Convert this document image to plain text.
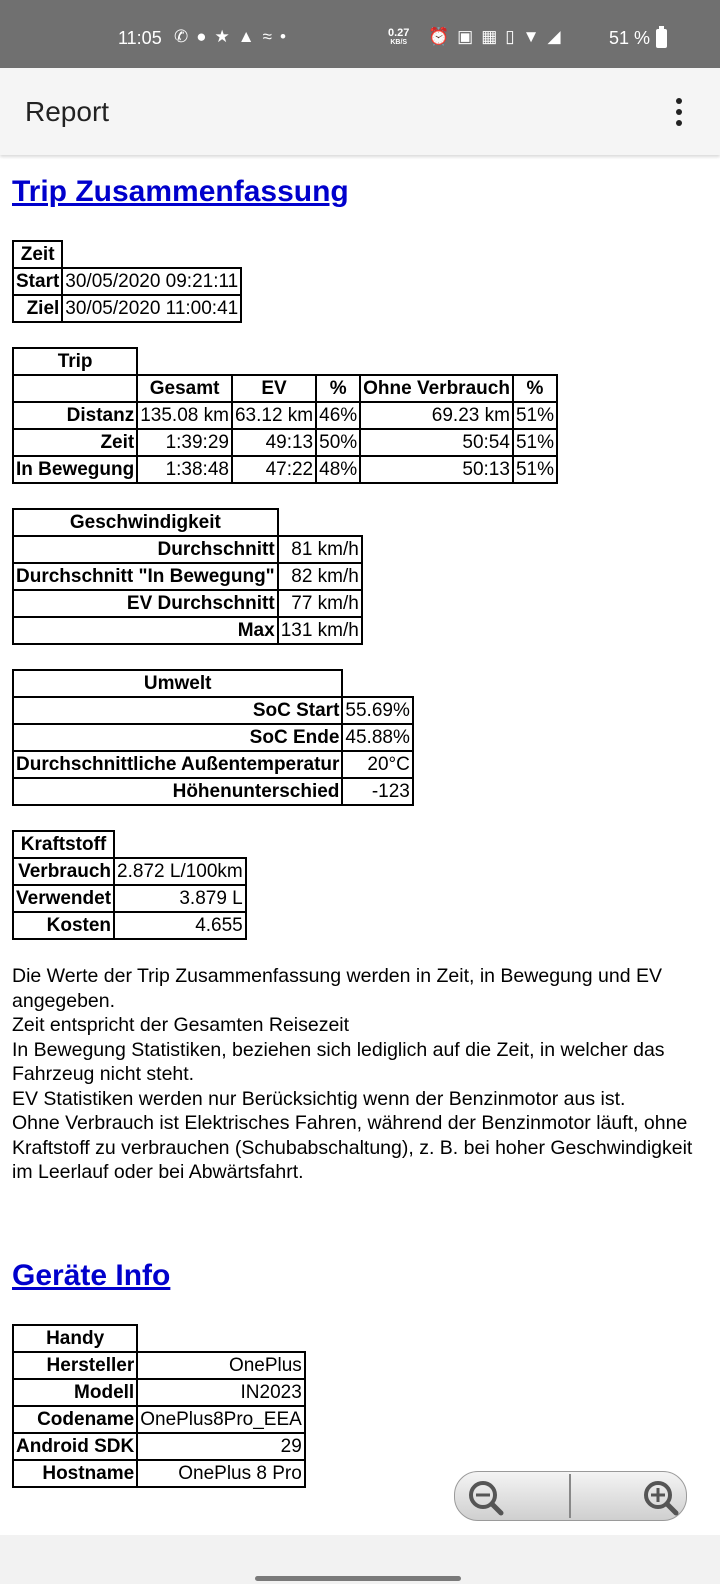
11:05 ✆ ● ★ ▲ ≈ •	0.27
KB/S ⏰ ▣ ▦ ▯ ▼ ◢	51 %
Report
Trip Zusammenfassung
Zeit	
Start	30/05/2020 09:21:11
Ziel	30/05/2020 11:00:41
Trip					
	Gesamt	EV	%	Ohne Verbrauch	%
Distanz	135.08 km	63.12 km	46%	69.23 km	51%
Zeit	1:39:29	49:13	50%	50:54	51%
In Bewegung	1:38:48	47:22	48%	50:13	51%
Geschwindigkeit	
Durchschnitt	81 km/h
Durchschnitt "In Bewegung"	82 km/h
EV Durchschnitt	77 km/h
Max	131 km/h
Umwelt	
SoC Start	55.69%
SoC Ende	45.88%
Durchschnittliche Außentemperatur	20°C
Höhenunterschied	-123
Kraftstoff	
Verbrauch	2.872 L/100km
Verwendet	3.879 L
Kosten	4.655

Die Werte der Trip Zusammenfassung werden in Zeit, in Bewegung und EV angegeben.

Zeit entspricht der Gesamten Reisezeit

In Bewegung Statistiken, beziehen sich lediglich auf die Zeit, in welcher das Fahrzeug nicht steht.

EV Statistiken werden nur Berücksichtig wenn der Benzinmotor aus ist.

Ohne Verbrauch ist Elektrisches Fahren, während der Benzinmotor läuft, ohne Kraftstoff zu verbrauchen (Schubabschaltung), z. B. bei hoher Geschwindigkeit im Leerlauf oder bei Abwärtsfahrt.

Geräte Info
Handy	
Hersteller	OnePlus
Modell	IN2023
Codename	OnePlus8Pro_EEA
Android SDK	29
Hostname	OnePlus 8 Pro
